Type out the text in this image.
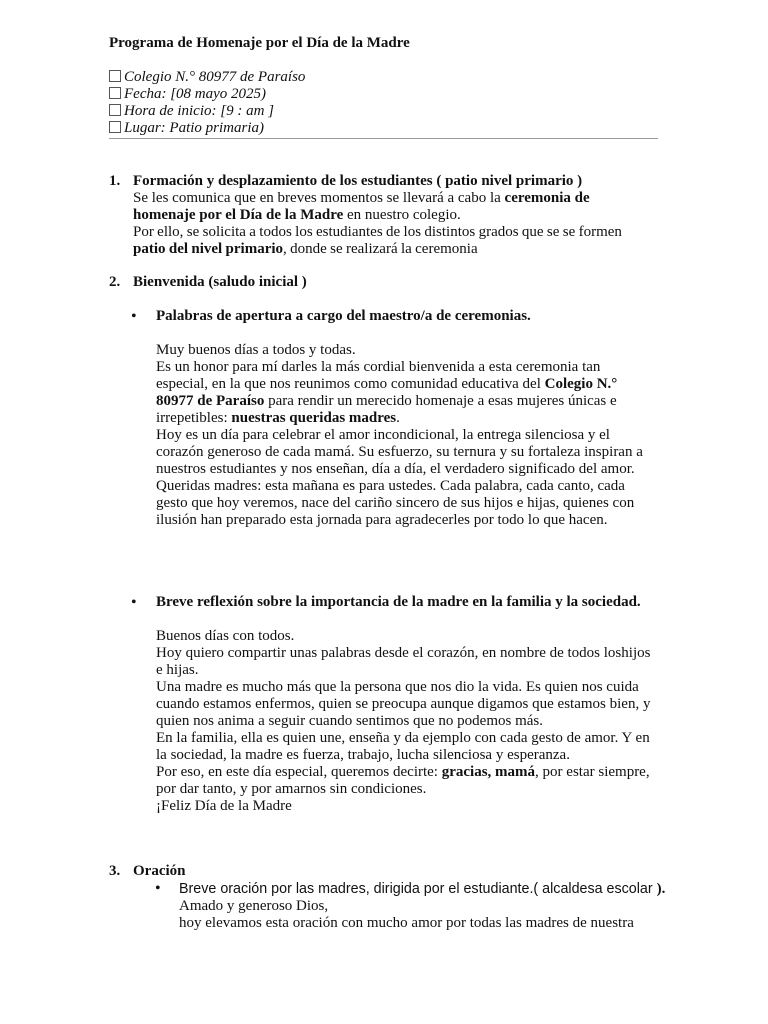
Programa de Homenaje por el Día de la Madre
Colegio N.° 80977 de Paraíso
Fecha: [08 mayo 2025)
Hora de inicio: [9 : am ]
Lugar: Patio primaria)
1. Formación y desplazamiento de los estudiantes ( patio nivel primario )

Se les comunica que en breves momentos se llevará a cabo la ceremonia de homenaje por el Día de la Madre en nuestro colegio.

Por ello, se solicita a todos los estudiantes de los distintos grados que se se formen patio del nivel primario, donde se realizará la ceremonia

2. Bienvenida (saludo inicial )
• Palabras de apertura a cargo del maestro/a de ceremonias.

Muy buenos días a todos y todas.

Es un honor para mí darles la más cordial bienvenida a esta ceremonia tan especial, en la que nos reunimos como comunidad educativa del Colegio N.° 80977 de Paraíso para rendir un merecido homenaje a esas mujeres únicas e irrepetibles: nuestras queridas madres.

Hoy es un día para celebrar el amor incondicional, la entrega silenciosa y el corazón generoso de cada mamá. Su esfuerzo, su ternura y su fortaleza inspiran a nuestros estudiantes y nos enseñan, día a día, el verdadero significado del amor.

Queridas madres: esta mañana es para ustedes. Cada palabra, cada canto, cada gesto que hoy veremos, nace del cariño sincero de sus hijos e hijas, quienes con ilusión han preparado esta jornada para agradecerles por todo lo que hacen.

• Breve reflexión sobre la importancia de la madre en la familia y la sociedad.

Buenos días con todos.

Hoy quiero compartir unas palabras desde el corazón, en nombre de todos loshijos e hijas.

Una madre es mucho más que la persona que nos dio la vida. Es quien nos cuida cuando estamos enfermos, quien se preocupa aunque digamos que estamos bien, y quien nos anima a seguir cuando sentimos que no podemos más.

En la familia, ella es quien une, enseña y da ejemplo con cada gesto de amor. Y en la sociedad, la madre es fuerza, trabajo, lucha silenciosa y esperanza.

Por eso, en este día especial, queremos decirte: gracias, mamá, por estar siempre, por dar tanto, y por amarnos sin condiciones.

¡Feliz Día de la Madre

3. Oración
• Breve oración por las madres, dirigida por el estudiante.( alcaldesa escolar ).

Amado y generoso Dios,

hoy elevamos esta oración con mucho amor por todas las madres de nuestra
